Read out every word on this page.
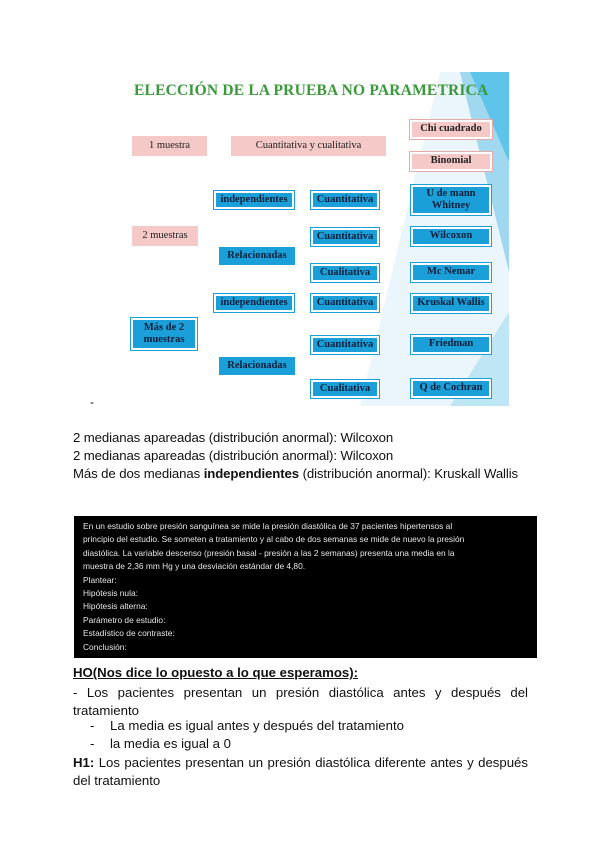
ELECCIÓN DE LA PRUEBA NO PARAMETRICA
1 muestra
2 muestras
Más de 2 muestras
Cuantitativa y cualitativa
independientes
Relacionadas
independientes
Relacionadas
Cuantitativa
Cuantitativa
Cualitativa
Cuantitativa
Cuantitativa
Cualitativa
Chi cuadrado
Binomial
U de mann Whitney
Wilcoxon
Mc Nemar
Kruskal Wallis
Friedman
Q de Cochran
-
2 medianas apareadas (distribución anormal): Wilcoxon
2 medianas apareadas (distribución anormal): Wilcoxon
Más de dos medianas independientes (distribución anormal): Kruskall Wallis

En un estudio sobre presión sanguínea se mide la presión diastólica de 37 pacientes hipertensos al

principio del estudio. Se someten a tratamiento y al cabo de dos semanas se mide de nuevo la presión

diastólica. La variable descenso (presión basal - presión a las 2 semanas) presenta una media en la

muestra de 2,36 mm Hg y una desviación estándar de 4,80.

Plantear:

Hipótesis nula:

Hipótesis alterna:

Parámetro de estudio:

Estadístico de contraste:

Conclusión:

HO(Nos dice lo opuesto a lo que esperamos):
- Los pacientes presentan un presión diastólica antes y después del tratamiento
- La media es igual antes y después del tratamiento
- la media es igual a 0
H1: Los pacientes presentan un presión diastólica diferente antes y después del tratamiento
